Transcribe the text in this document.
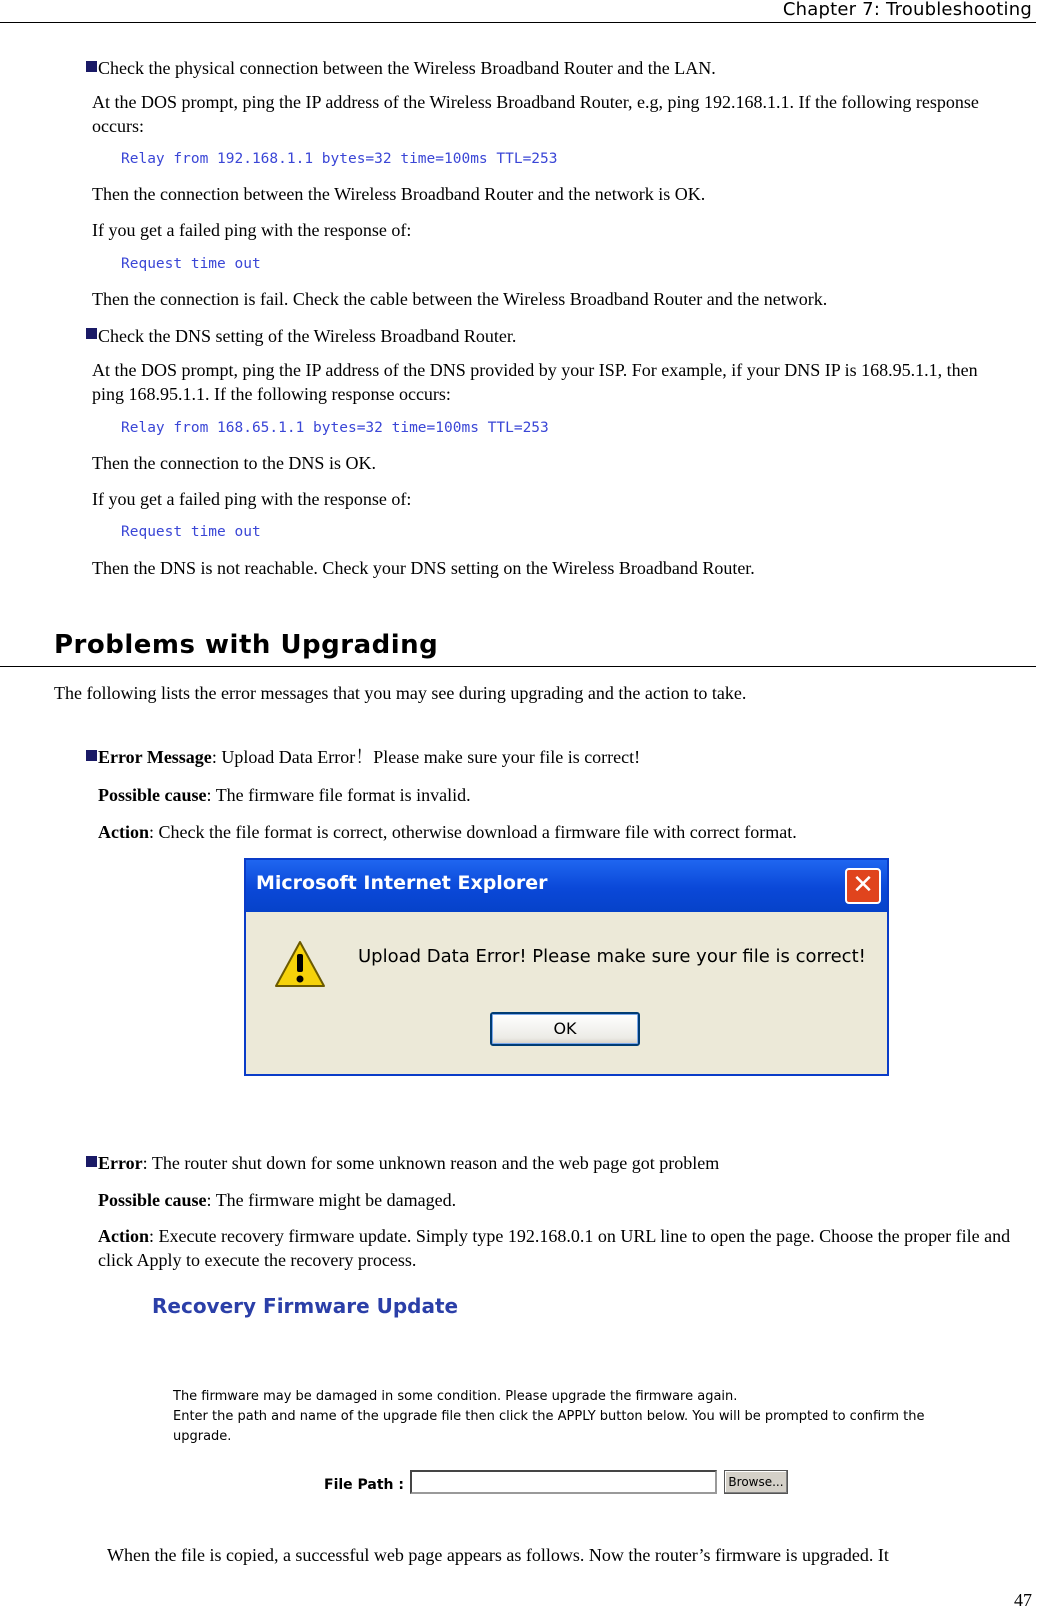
Chapter 7: Troubleshooting
Check the physical connection between the Wireless Broadband Router and the LAN.
At the DOS prompt, ping the IP address of the Wireless Broadband Router, e.g, ping 192.168.1.1. If the following response occurs:
Relay from 192.168.1.1 bytes=32 time=100ms TTL=253
Then the connection between the Wireless Broadband Router and the network is OK.
If you get a failed ping with the response of:
Request time out
Then the connection is fail. Check the cable between the Wireless Broadband Router and the network.
Check the DNS setting of the Wireless Broadband Router.
At the DOS prompt, ping the IP address of the DNS provided by your ISP. For example, if your DNS IP is 168.95.1.1, then ping 168.95.1.1. If the following response occurs:
Relay from 168.65.1.1 bytes=32 time=100ms TTL=253
Then the connection to the DNS is OK.
If you get a failed ping with the response of:
Request time out
Then the DNS is not reachable. Check your DNS setting on the Wireless Broadband Router.
Problems with Upgrading
The following lists the error messages that you may see during upgrading and the action to take.
Error Message: Upload Data Error！Please make sure your file is correct!
Possible cause: The firmware file format is invalid.
Action: Check the file format is correct, otherwise download a firmware file with correct format.
Microsoft Internet Explorer	✕
Upload Data Error! Please make sure your file is correct!
OK
Error: The router shut down for some unknown reason and the web page got problem
Possible cause: The firmware might be damaged.
Action: Execute recovery firmware update. Simply type 192.168.0.1 on URL line to open the page. Choose the proper file and click Apply to execute the recovery process.
Recovery Firmware Update
The firmware may be damaged in some condition. Please upgrade the firmware again.
Enter the path and name of the upgrade file then click the APPLY button below. You will be prompted to confirm the upgrade.
File Path :	Browse...
When the file is copied, a successful web page appears as follows. Now the router’s firmware is upgraded. It
47
